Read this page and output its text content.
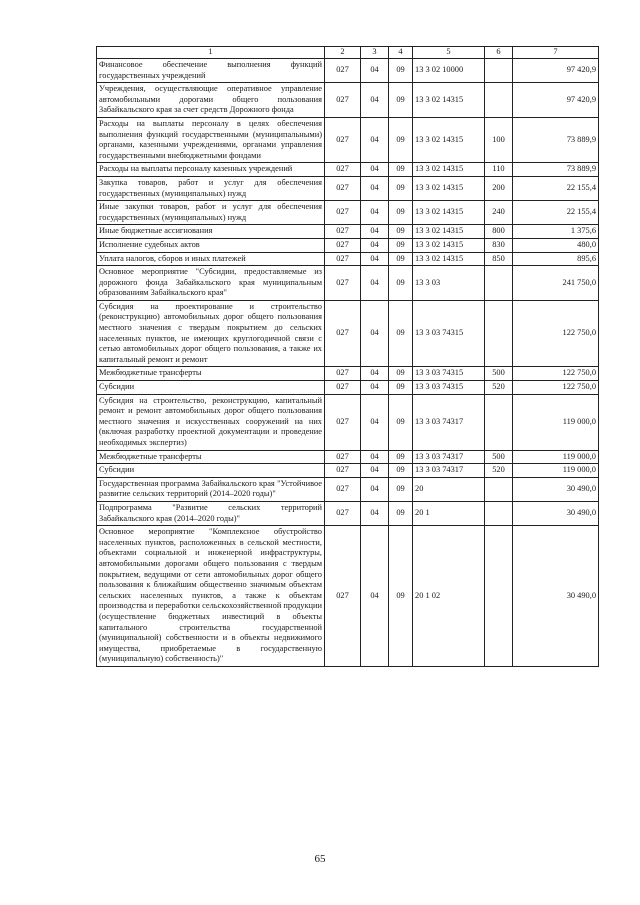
1	2	3	4	5	6	7
Финансовое обеспечение выполнения функций государственных учреждений	027	04	09	13 3 02 10000		97 420,9
Учреждения, осуществляющие оперативное управление автомобильными дорогами общего пользования Забайкальского края за счет средств Дорожного фонда	027	04	09	13 3 02 14315		97 420,9
Расходы на выплаты персоналу в целях обеспечения выполнения функций государственными (муниципальными) органами, казенными учреждениями, органами управления государственными внебюджетными фондами	027	04	09	13 3 02 14315	100	73 889,9
Расходы на выплаты персоналу казенных учреждений	027	04	09	13 3 02 14315	110	73 889,9
Закупка товаров, работ и услуг для обеспечения государственных (муниципальных) нужд	027	04	09	13 3 02 14315	200	22 155,4
Иные закупки товаров, работ и услуг для обеспечения государственных (муниципальных) нужд	027	04	09	13 3 02 14315	240	22 155,4
Иные бюджетные ассигнования	027	04	09	13 3 02 14315	800	1 375,6
Исполнение судебных актов	027	04	09	13 3 02 14315	830	480,0
Уплата налогов, сборов и иных платежей	027	04	09	13 3 02 14315	850	895,6
Основное мероприятие "Субсидии, предоставляемые из дорожного фонда Забайкальского края муниципальным образованиям Забайкальского края"	027	04	09	13 3 03		241 750,0
Субсидия на проектирование и строительство (реконструкцию) автомобильных дорог общего пользования местного значения с твердым покрытием до сельских населенных пунктов, не имеющих круглогодичной связи с сетью автомобильных дорог общего пользования, а также их капитальный ремонт и ремонт	027	04	09	13 3 03 74315		122 750,0
Межбюджетные трансферты	027	04	09	13 3 03 74315	500	122 750,0
Субсидии	027	04	09	13 3 03 74315	520	122 750,0
Субсидия на строительство, реконструкцию, капитальный ремонт и ремонт автомобильных дорог общего пользования местного значения и искусственных сооружений на них (включая разработку проектной документации и проведение необходимых экспертиз)	027	04	09	13 3 03 74317		119 000,0
Межбюджетные трансферты	027	04	09	13 3 03 74317	500	119 000,0
Субсидии	027	04	09	13 3 03 74317	520	119 000,0
Государственная программа Забайкальского края "Устойчивое развитие сельских территорий (2014–2020 годы)"	027	04	09	20		30 490,0
Подпрограмма "Развитие сельских территорий Забайкальского края (2014–2020 годы)"	027	04	09	20 1		30 490,0
Основное мероприятие "Комплексное обустройство населенных пунктов, расположенных в сельской местности, объектами социальной и инженерной инфраструктуры, автомобильными дорогами общего пользования с твердым покрытием, ведущими от сети автомобильных дорог общего пользования к ближайшим общественно значимым объектам сельских населенных пунктов, а также к объектам производства и переработки сельскохозяйственной продукции (осуществление бюджетных инвестиций в объекты капитального строительства государственной (муниципальной) собственности и в объекты недвижимого имущества, приобретаемые в государственную (муниципальную) собственность)"	027	04	09	20 1 02		30 490,0
65
